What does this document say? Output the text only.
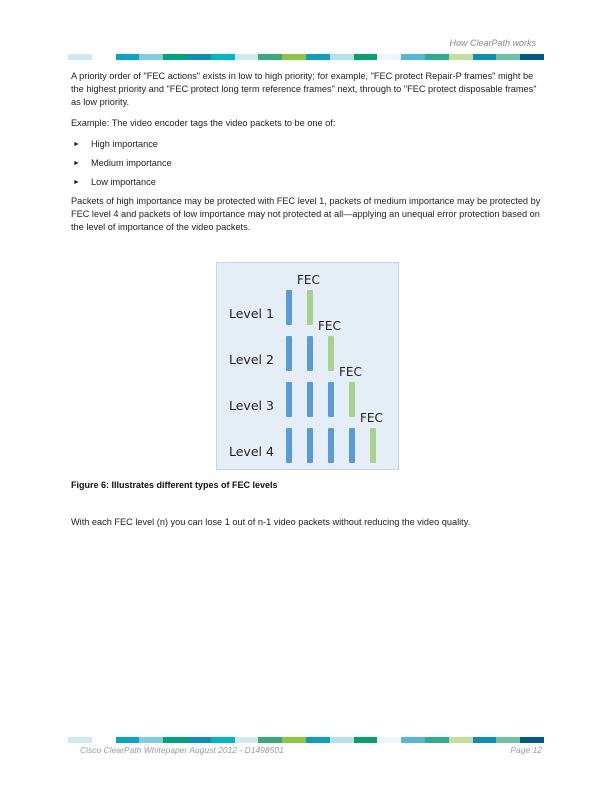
How ClearPath works

A priority order of "FEC actions" exists in low to high priority; for example, "FEC protect Repair-P frames" might be the highest priority and "FEC protect long term reference frames" next, through to "FEC protect disposable frames" as low priority.

Example: The video encoder tags the video packets to be one of:

► High importance
► Medium importance
► Low importance

Packets of high importance may be protected with FEC level 1, packets of medium importance may be protected by FEC level 4 and packets of low importance may not protected at all—applying an unequal error protection based on the level of importance of the video packets.

Level 1
FEC
Level 2
FEC
Level 3
FEC
Level 4
FEC
Figure 6: Illustrates different types of FEC levels
With each FEC level (n) you can lose 1 out of n-1 video packets without reducing the video quality.
Cisco ClearPath Whitepaper August 2012 - D1498501	Page 12
